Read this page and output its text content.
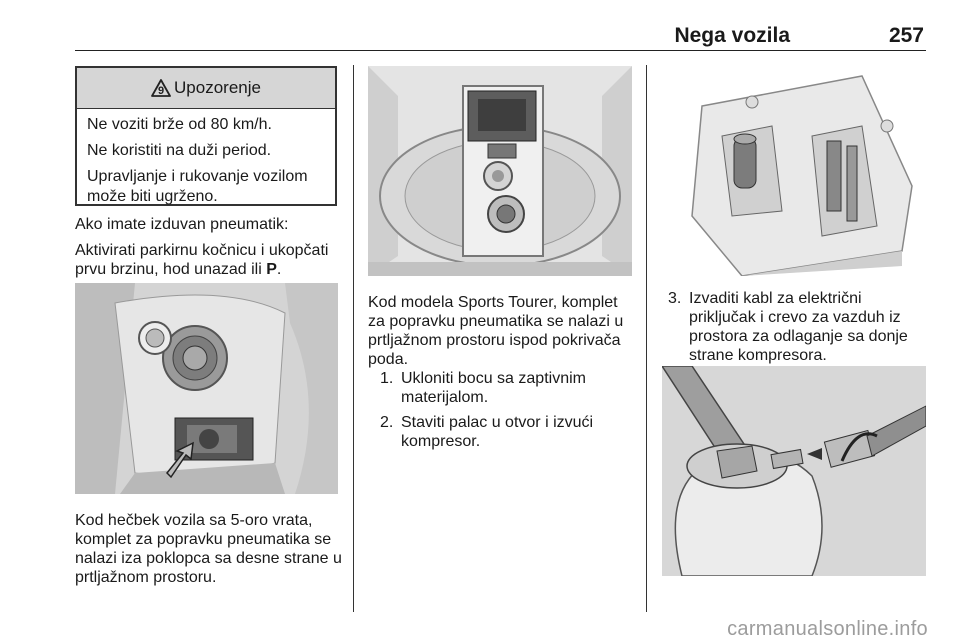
Nega vozila	257
9 Upozorenje

Ne voziti brže od 80 km/h.

Ne koristiti na duži period.

Upravljanje i rukovanje vozilom može biti ugrženo.

Ako imate izduvan pneumatik:

Aktivirati parkirnu kočnicu i ukopčati prvu brzinu, hod unazad ili P.

Kod hečbek vozila sa 5-oro vrata, komplet za popravku pneumatika se nalazi iza poklopca sa desne strane u prtljažnom prostoru.

Kod modela Sports Tourer, komplet za popravku pneumatika se nalazi u prtljažnom prostoru ispod pokrivača poda.

1. Ukloniti bocu sa zaptivnim materijalom.
2. Staviti palac u otvor i izvući kompresor.
3. Izvaditi kabl za električni priključak i crevo za vazduh iz prostora za odlaganje sa donje strane kompresora.
carmanualsonline.info
